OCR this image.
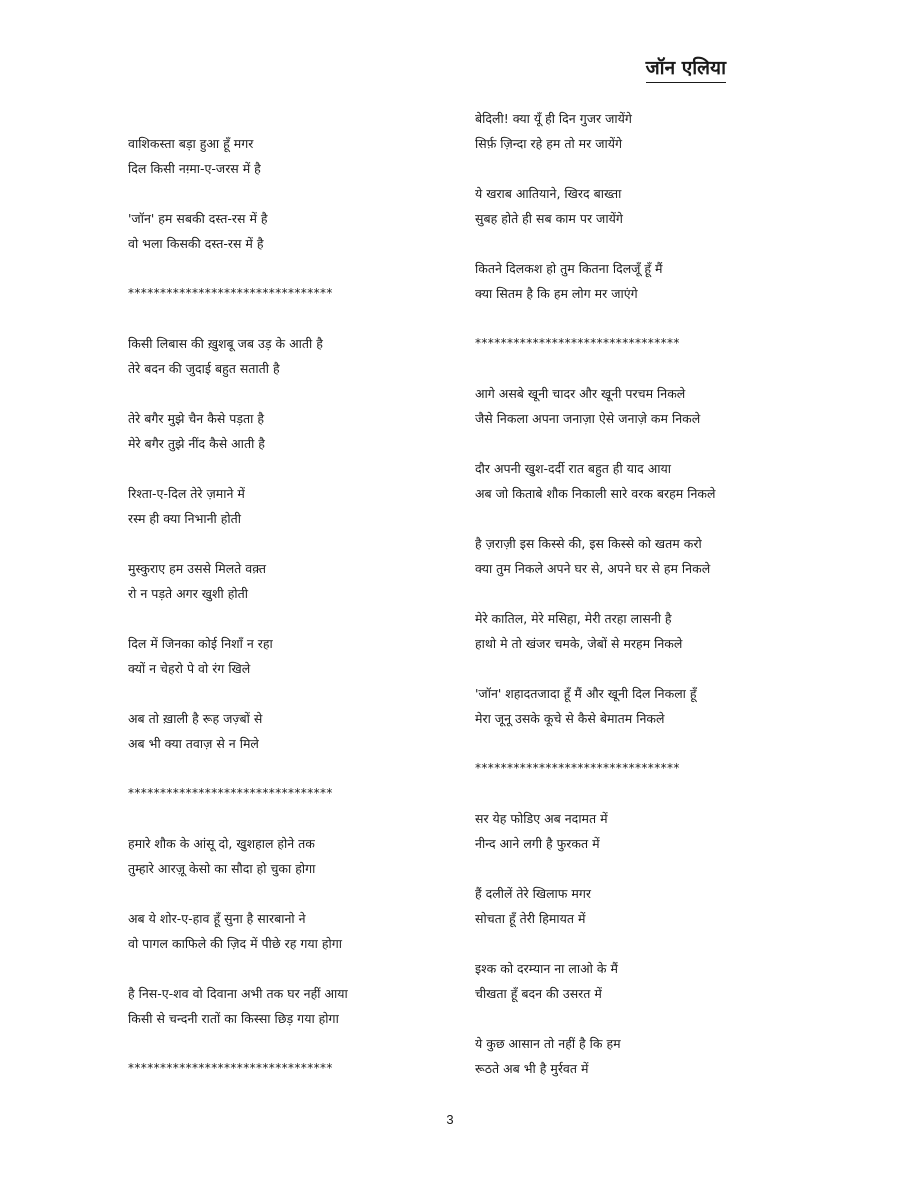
जॉन एलिया
वाशिकस्ता बड़ा हुआ हूँ मगर
दिल किसी नग़्मा-ए-जरस में है
'जॉन' हम सबकी दस्त-रस में है
वो भला किसकी दस्त-रस में है
********************************
किसी लिबास की ख़ुशबू जब उड़ के आती है
तेरे बदन की जुदाई बहुत सताती है
तेरे बगैर मुझे चैन कैसे पड़ता है
मेरे बगैर तुझे नींद कैसे आती है
रिश्ता-ए-दिल तेरे ज़माने में
रस्म ही क्या निभानी होती
मुस्कुराए हम उससे मिलते वक़्त
रो न पड़ते अगर खुशी होती
दिल में जिनका कोई निशाँ न रहा
क्यों न चेहरो पे वो रंग खिले
अब तो ख़ाली है रूह जज़्बों से
अब भी क्या तवाज़ से न मिले
********************************
हमारे शौक के आंसू दो, खुशहाल होने तक
तुम्हारे आरज़ू केसो का सौदा हो चुका होगा
अब ये शोर-ए-हाव हूँ सुना है सारबानो ने
वो पागल काफिले की ज़िद में पीछे रह गया होगा
है निस-ए-शव वो दिवाना अभी तक घर नहीं आया
किसी से चन्दनी रातों का किस्सा छिड़ गया होगा
********************************
बेदिली! क्या यूँ ही दिन गुजर जायेंगे
सिर्फ़ ज़िन्दा रहे हम तो मर जायेंगे
ये खराब आतियाने, खिरद बाख्ता
सुबह होते ही सब काम पर जायेंगे
कितने दिलकश हो तुम कितना दिलजूँ हूँ मैं
क्या सितम है कि हम लोग मर जाएंगे
********************************
आगे असबे खूनी चादर और खूनी परचम निकले
जैसे निकला अपना जनाज़ा ऐसे जनाज़े कम निकले
दौर अपनी खुश-दर्दी रात बहुत ही याद आया
अब जो किताबे शौक निकाली सारे वरक बरहम निकले
है ज़राज़ी इस किस्से की, इस किस्से को खतम करो
क्या तुम निकले अपने घर से, अपने घर से हम निकले
मेरे कातिल, मेरे मसिहा, मेरी तरहा लासनी है
हाथो मे तो खंजर चमके, जेबों से मरहम निकले
'जॉन' शहादतजादा हूँ मैं और खूनी दिल निकला हूँ
मेरा जूनू उसके कूचे से कैसे बेमातम निकले
********************************
सर येह फोडिए अब नदामत में
नीन्द आने लगी है फुरकत में
हैं दलीलें तेरे खिलाफ मगर
सोचता हूँ तेरी हिमायत में
इश्क को दरम्यान ना लाओ के मैं
चीखता हूँ बदन की उसरत में
ये कुछ आसान तो नहीं है कि हम
रूठते अब भी है मुर्रवत में
3
